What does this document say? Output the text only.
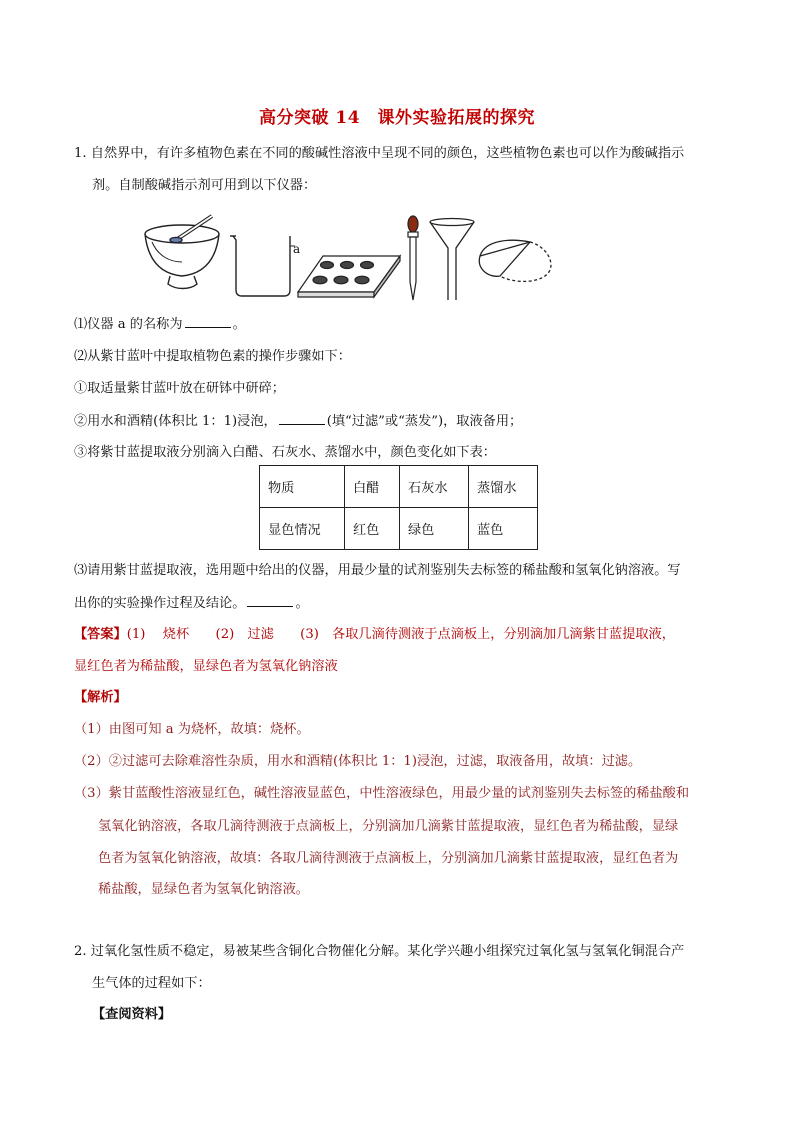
高分突破 14　课外实验拓展的探究
1. 自然界中，有许多植物色素在不同的酸碱性溶液中呈现不同的颜色，这些植物色素也可以作为酸碱指示
剂。自制酸碱指示剂可用到以下仪器：
a
⑴仪器 a 的名称为	。
⑵从紫甘蓝叶中提取植物色素的操作步骤如下：
①取适量紫甘蓝叶放在研钵中研碎；
②用水和酒精(体积比 1：1)浸泡，	(填“过滤”或“蒸发”)，取液备用；
③将紫甘蓝提取液分别滴入白醋、石灰水、蒸馏水中，颜色变化如下表：
物质	白醋	石灰水	蒸馏水
显色情况	红色	绿色	蓝色
⑶请用紫甘蓝提取液，选用题中给出的仪器，用最少量的试剂鉴别失去标签的稀盐酸和氢氧化钠溶液。写
出你的实验操作过程及结论。	。
【答案】(1)　 烧杯　　(2)　过滤　　(3)　各取几滴待测液于点滴板上，分别滴加几滴紫甘蓝提取液，
显红色者为稀盐酸，显绿色者为氢氧化钠溶液
【解析】
（1）由图可知 a 为烧杯，故填：烧杯。
（2）②过滤可去除难溶性杂质，用水和酒精(体积比 1：1)浸泡，过滤，取液备用，故填：过滤。
（3）紫甘蓝酸性溶液显红色，碱性溶液显蓝色，中性溶液绿色，用最少量的试剂鉴别失去标签的稀盐酸和
氢氧化钠溶液，各取几滴待测液于点滴板上，分别滴加几滴紫甘蓝提取液，显红色者为稀盐酸，显绿
色者为氢氧化钠溶液，故填：各取几滴待测液于点滴板上，分别滴加几滴紫甘蓝提取液，显红色者为
稀盐酸，显绿色者为氢氧化钠溶液。
2. 过氧化氢性质不稳定，易被某些含铜化合物催化分解。某化学兴趣小组探究过氧化氢与氢氧化铜混合产
生气体的过程如下：
【查阅资料】
